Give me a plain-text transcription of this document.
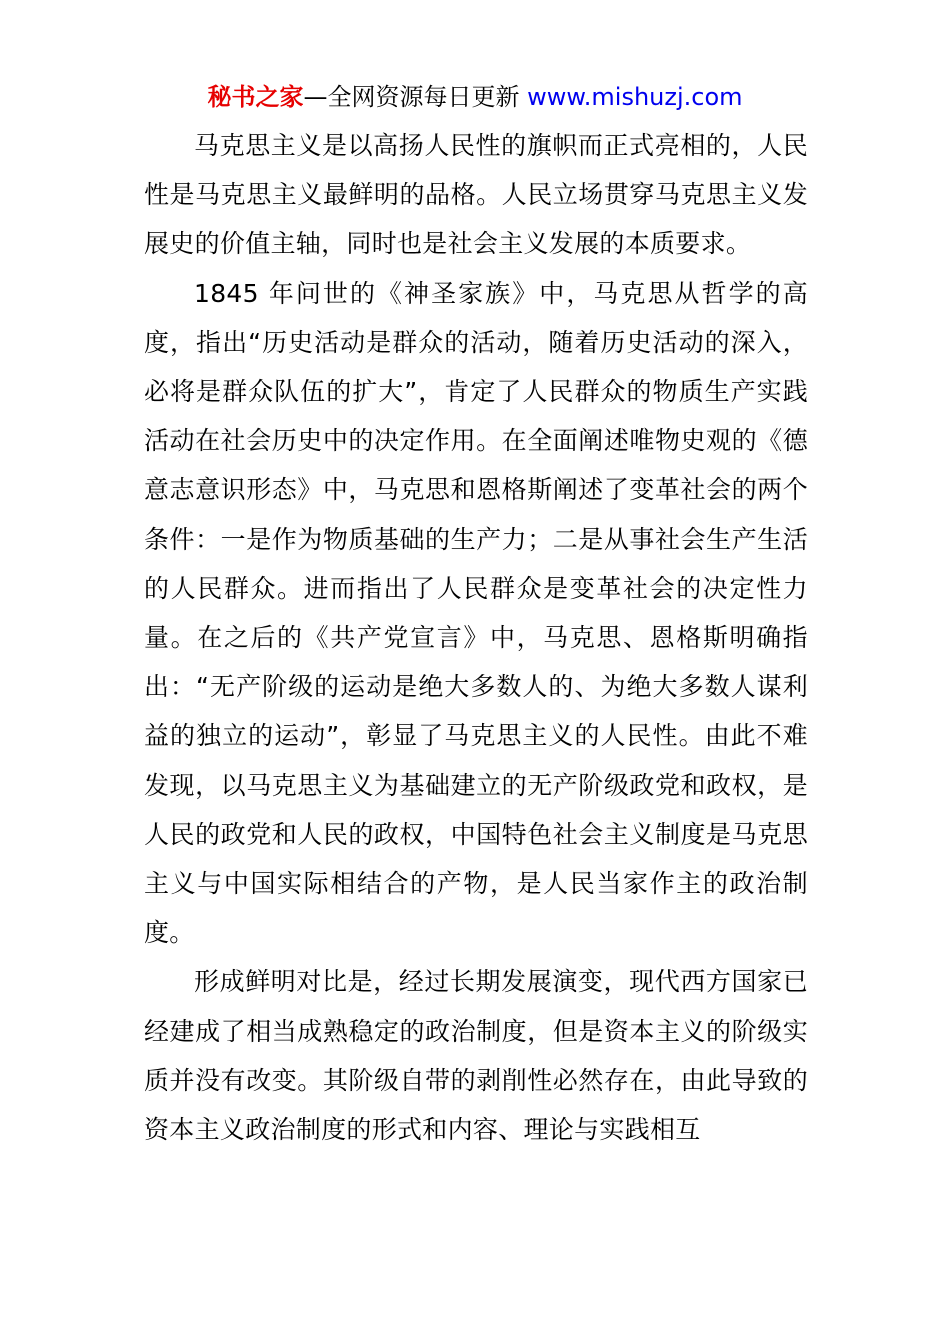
秘书之家—全网资源每日更新 www.mishuzj.com

马克思主义是以高扬人民性的旗帜而正式亮相的，人民性是马克思主义最鲜明的品格。人民立场贯穿马克思主义发展史的价值主轴，同时也是社会主义发展的本质要求。

1845 年问世的《神圣家族》中，马克思从哲学的高度，指出“历史活动是群众的活动，随着历史活动的深入，必将是群众队伍的扩大”，肯定了人民群众的物质生产实践活动在社会历史中的决定作用。在全面阐述唯物史观的《德意志意识形态》中，马克思和恩格斯阐述了变革社会的两个条件：一是作为物质基础的生产力；二是从事社会生产生活的人民群众。进而指出了人民群众是变革社会的决定性力量。在之后的《共产党宣言》中，马克思、恩格斯明确指出：“无产阶级的运动是绝大多数人的、为绝大多数人谋利益的独立的运动”，彰显了马克思主义的人民性。由此不难发现，以马克思主义为基础建立的无产阶级政党和政权，是人民的政党和人民的政权，中国特色社会主义制度是马克思主义与中国实际相结合的产物，是人民当家作主的政治制度。

形成鲜明对比是，经过长期发展演变，现代西方国家已经建成了相当成熟稳定的政治制度，但是资本主义的阶级实质并没有改变。其阶级自带的剥削性必然存在，由此导致的资本主义政治制度的形式和内容、理论与实践相互
